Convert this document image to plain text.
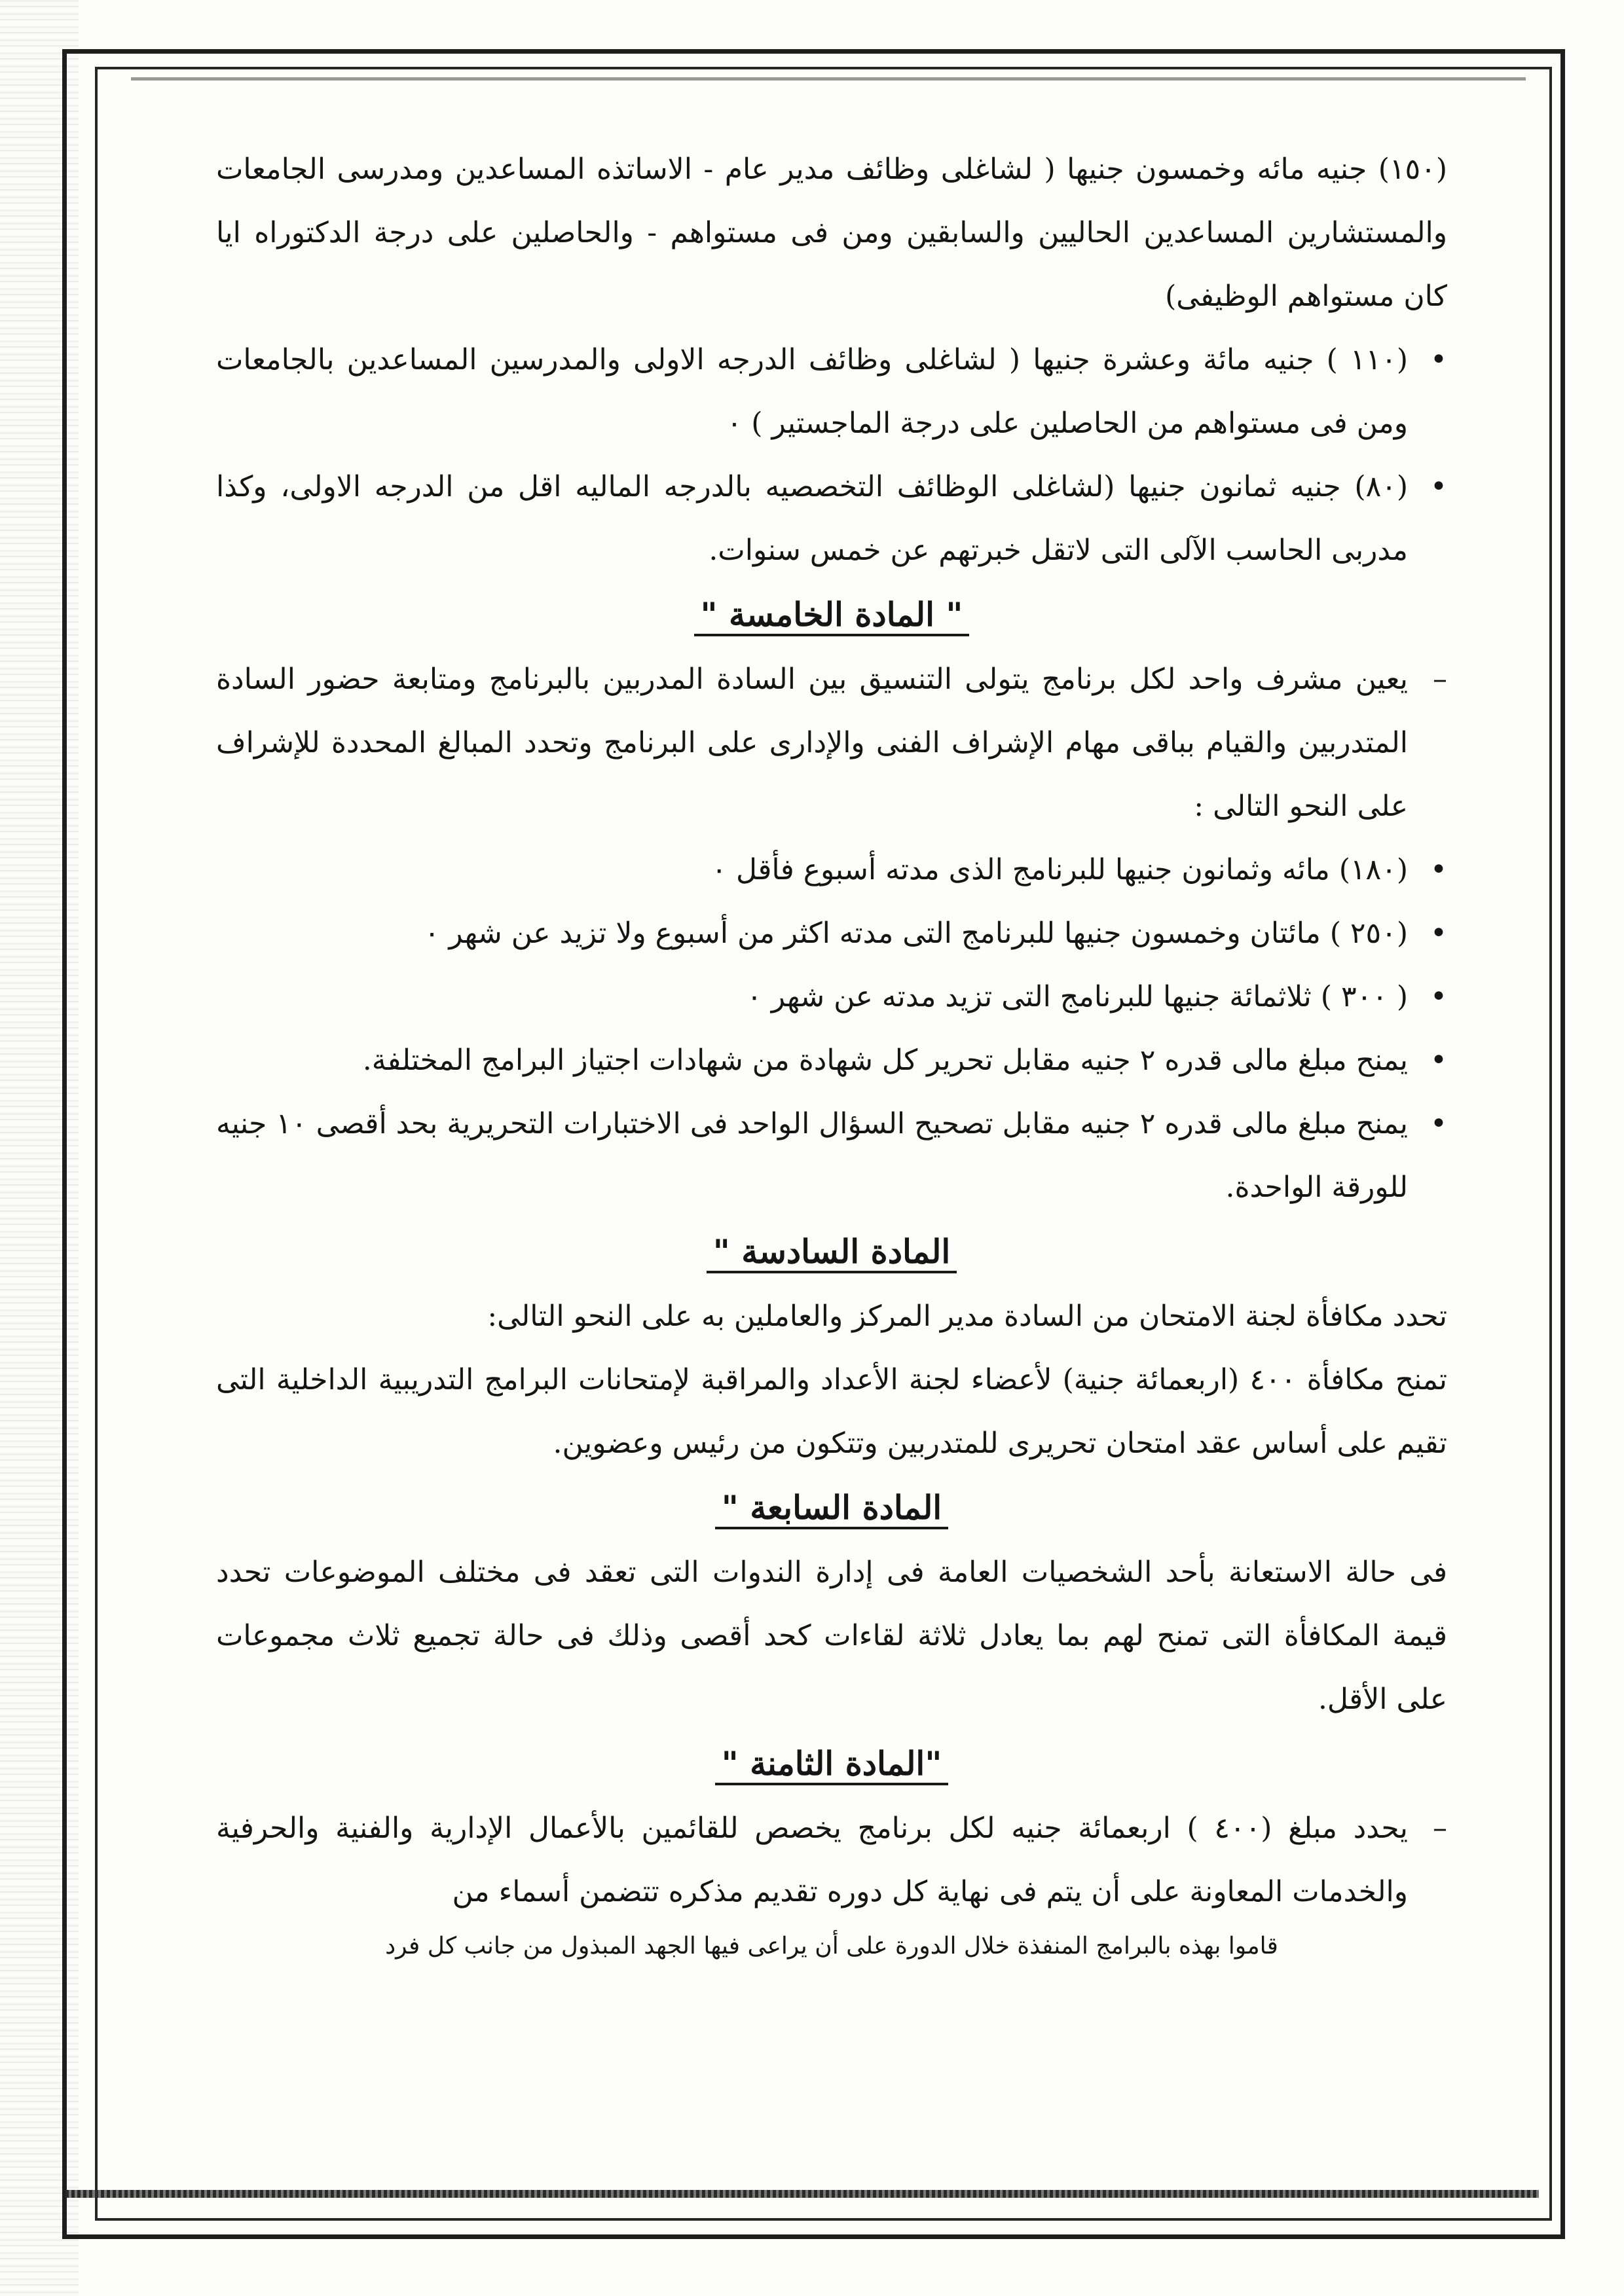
(١٥٠) جنيه مائه وخمسون جنيها ( لشاغلى وظائف مدير عام - الاساتذه المساعدين ومدرسى الجامعات والمستشارين المساعدين الحاليين والسابقين ومن فى مستواهم - والحاصلين على درجة الدكتوراه ايا كان مستواهم الوظيفى)

• (١١٠ ) جنيه مائة وعشرة جنيها ( لشاغلى وظائف الدرجه الاولى والمدرسين المساعدين بالجامعات ومن فى مستواهم من الحاصلين على درجة الماجستير ) ٠
• (٨٠) جنيه ثمانون جنيها (لشاغلى الوظائف التخصصيه بالدرجه الماليه اقل من الدرجه الاولى، وكذا مدربى الحاسب الآلى التى لاتقل خبرتهم عن خمس سنوات.

" المادة الخامسة "

– يعين مشرف واحد لكل برنامج يتولى التنسيق بين السادة المدربين بالبرنامج ومتابعة حضور السادة المتدربين والقيام بباقى مهام الإشراف الفنى والإدارى على البرنامج وتحدد المبالغ المحددة للإشراف على النحو التالى :

• (١٨٠) مائه وثمانون جنيها للبرنامج الذى مدته أسبوع فأقل ٠
• (٢٥٠ ) مائتان وخمسون جنيها للبرنامج التى مدته اكثر من أسبوع ولا تزيد عن شهر ٠
• ( ٣٠٠ ) ثلاثمائة جنيها للبرنامج التى تزيد مدته عن شهر ٠
• يمنح مبلغ مالى قدره ٢ جنيه مقابل تحرير كل شهادة من شهادات اجتياز البرامج المختلفة.
• يمنح مبلغ مالى قدره ٢ جنيه مقابل تصحيح السؤال الواحد فى الاختبارات التحريرية بحد أقصى ١٠ جنيه للورقة الواحدة.

المادة السادسة "

تحدد مكافأة لجنة الامتحان من السادة مدير المركز والعاملين به على النحو التالى:

تمنح مكافأة ٤٠٠ (اربعمائة جنية) لأعضاء لجنة الأعداد والمراقبة لإمتحانات البرامج التدريبية الداخلية التى تقيم على أساس عقد امتحان تحريرى للمتدربين وتتكون من رئيس وعضوين.

المادة السابعة "

فى حالة الاستعانة بأحد الشخصيات العامة فى إدارة الندوات التى تعقد فى مختلف الموضوعات تحدد قيمة المكافأة التى تمنح لهم بما يعادل ثلاثة لقاءات كحد أقصى وذلك فى حالة تجميع ثلاث مجموعات على الأقل.

"المادة الثامنة "

– يحدد مبلغ (٤٠٠ ) اربعمائة جنيه لكل برنامج يخصص للقائمين بالأعمال الإدارية والفنية والحرفية والخدمات المعاونة على أن يتم فى نهاية كل دوره تقديم مذكره تتضمن أسماء من

قاموا بهذه بالبرامج المنفذة خلال الدورة على أن يراعى فيها الجهد المبذول من جانب كل فرد
